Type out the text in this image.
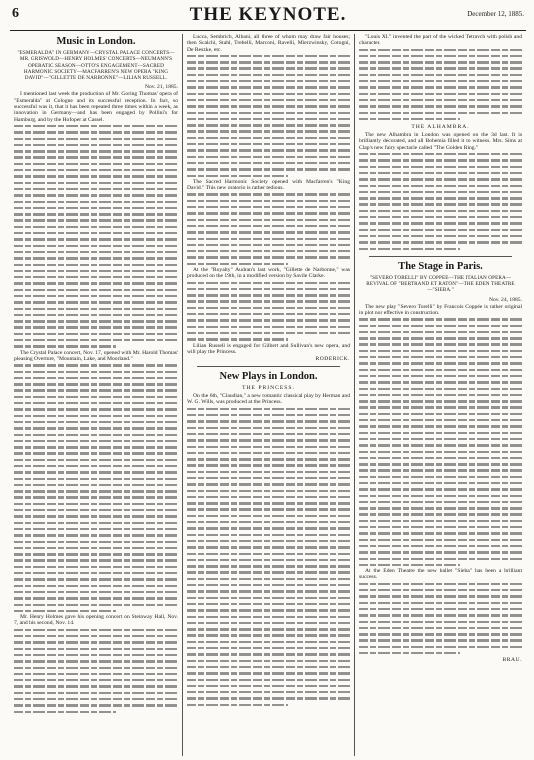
6	THE KEYNOTE.	December 12, 1885.
Music in London.
"ESMERALDA" IN GERMANY—CRYSTAL PALACE CONCERTS—MR. GRISWOLD—HENRY HOLMES' CONCERTS—NEUMANN'S OPERATIC SEASON—OTTO'S ENGAGEMENT—SACRED HARMONIC SOCIETY—MACFARREN'S NEW OPERA "KING DAVID"—"GILLETTE DE NARBONNE"—LILIAN RUSSELL.
Nov. 21, 1885.

I mentioned last week the production of Mr. Goring Thomas' opera of "Esmeralda" at Cologne and its successful reception. In fact, so successful was it, that it has been repeated three times within a week, as innovation in Germany—and has been engaged by Pollini's for Hamburg, and by the Hofoper at Cassel.

The Crystal Palace concert, Nov. 17, opened with Mr. Harold Thomas' pleasing Overture, "Mountain, Lake, and Moorland."

Mr. Henry Holmes gave his opening concert on Steinway Hall, Nov. 7, and his second, Nov. 14.

Lucca, Sembrich, Albani, all three of whom may draw fair houses; then Scalchi, Stahl, Trebelli, Marconi, Ravelli, Mierzwinsky, Cotogni, De Reszke, etc.

The Sacred Harmonic Society opened with Macfarren's "King David." This new oratorio is rather tedious.

At the "Royalty" Audran's last work, "Gillette de Narbonne," was produced on the 19th, in a modified version by Savile Clarke.

Lilian Russell is engaged for Gilbert and Sullivan's new opera, and will play the Princess.

RODERICK.
New Plays in London.
THE PRINCESS.

On the 6th, "Claudian," a new romantic classical play by Herman and W. G. Wills, was produced at the Princess.

"Louis XI." invented the part of the wicked Tetravch with polish and character.

THE ALHAMBRA.

The new Alhambra in London was opened on the 3d last. It is brilliantly decorated, and all Bohemia filled it to witness. Mrs. Sims at Clap's new fairy spectacle called "The Golden Ring."

The Stage in Paris.
"SEVERO TORELLI" BY COPPEE—THE ITALIAN OPERA—REVIVAL OF "BERTRAND ET RATON"—THE EDEN THEATRE—"SIEBA."
Nov. 24, 1885.

The new play "Severo Torelli" by Francois Coppée is rather original in plot nor effective in construction.

At the Eden Theatre the new ballet "Sieba" has been a brilliant success.

BRAU.
